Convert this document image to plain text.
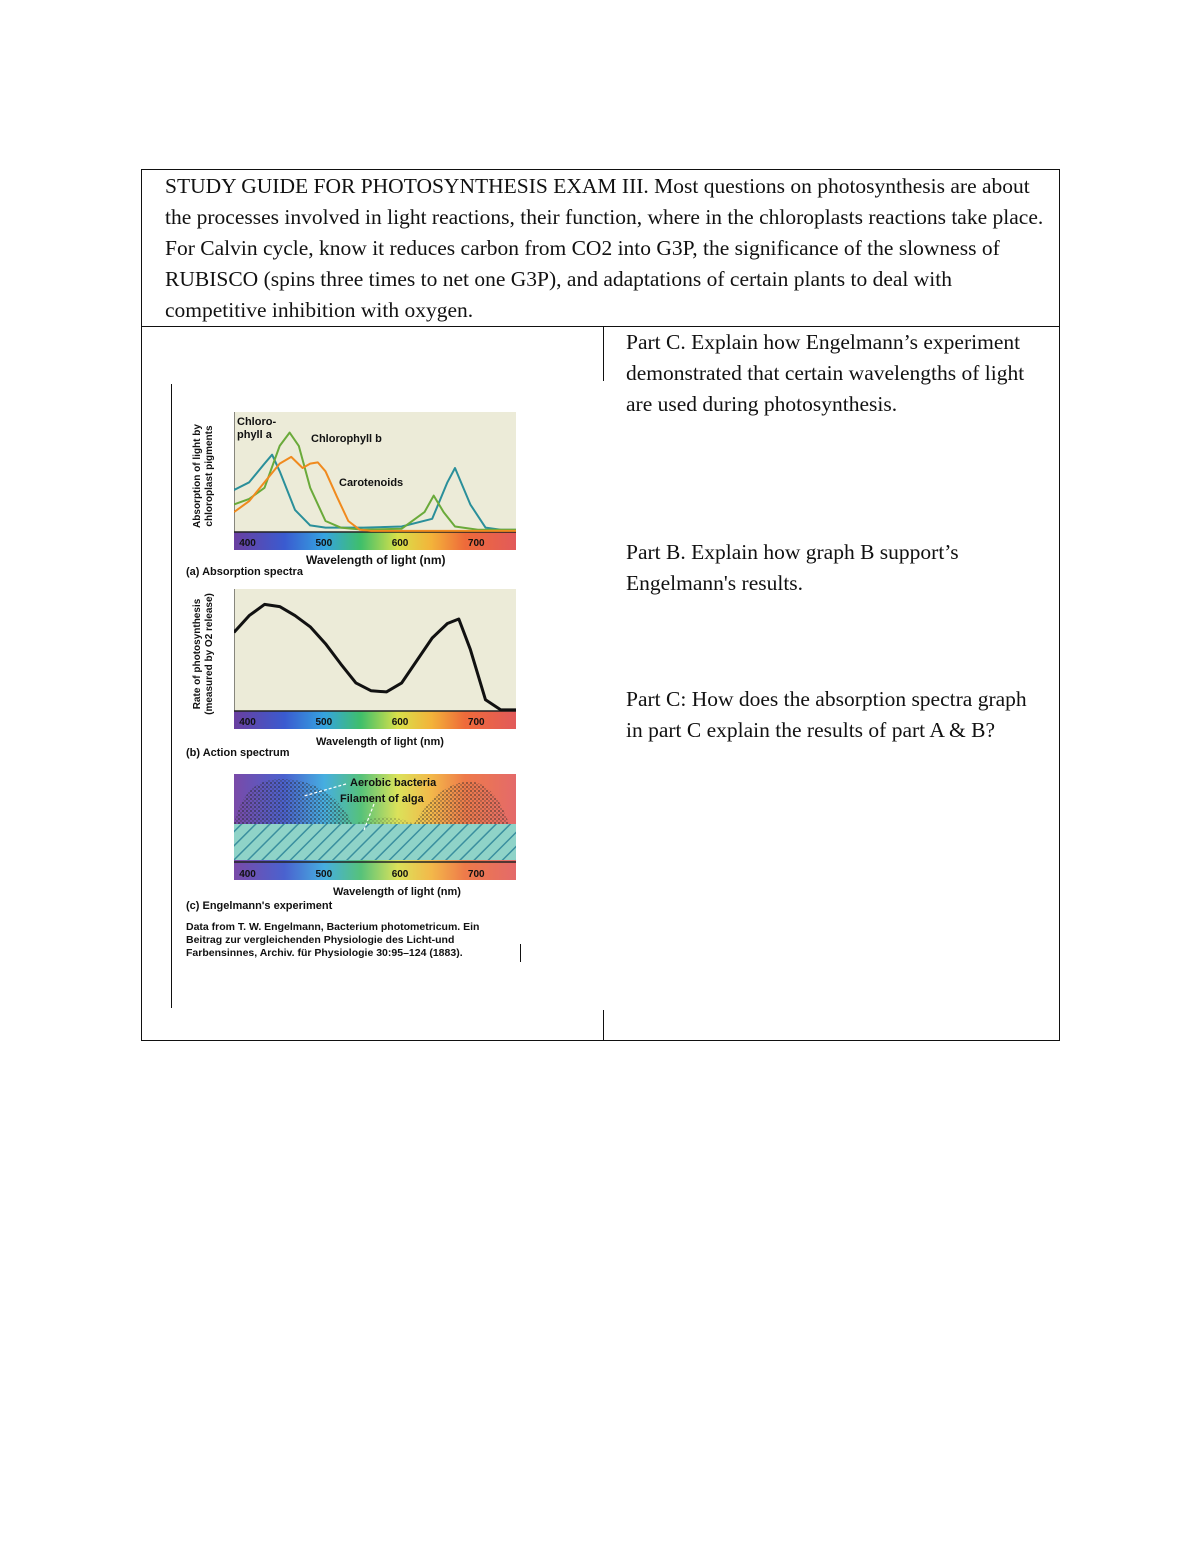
STUDY GUIDE FOR PHOTOSYNTHESIS EXAM III. Most questions on photosynthesis are about the processes involved in light reactions, their function, where in the chloroplasts reactions take place. For Calvin cycle, know it reduces carbon from CO2 into G3P, the significance of the slowness of RUBISCO (spins three times to net one G3P), and adaptations of certain plants to deal with competitive inhibition with oxygen.
Part C. Explain how Engelmann’s experiment demonstrated that certain wavelengths of light are used during photosynthesis.
Part B. Explain how graph B support’s Engelmann's results.
Part C: How does the absorption spectra graph in part C explain the results of part A & B?
Absorption of light by chloroplast pigments
400	500	600	700
Chloro-
phyll a	Chlorophyll b
Carotenoids
Wavelength of light (nm)
(a) Absorption spectra
Rate of photosynthesis (measured by O2 release)
400	500	600	700
Wavelength of light (nm)
(b) Action spectrum
400	500	600	700
Aerobic bacteria
Filament of alga
Wavelength of light (nm)
(c) Engelmann's experiment
Data from T. W. Engelmann, Bacterium photometricum. Ein Beitrag zur vergleichenden Physiologie des Licht-und Farbensinnes, Archiv. für Physiologie 30:95–124 (1883).
